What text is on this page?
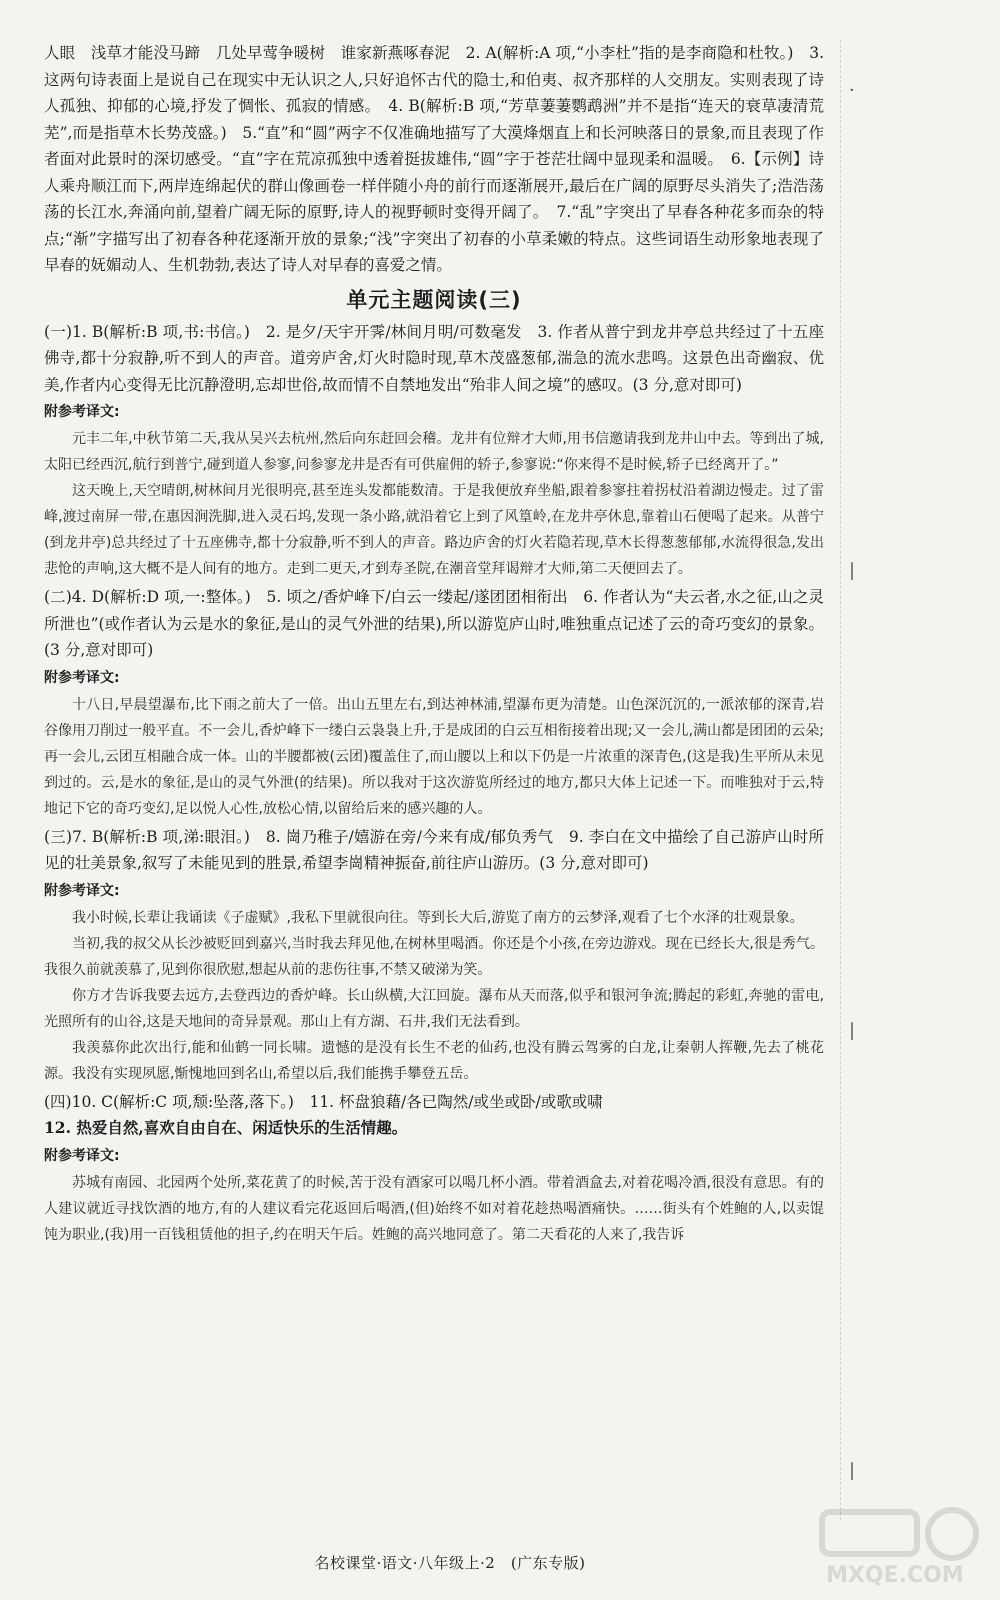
人眼　浅草才能没马蹄　几处早莺争暖树　谁家新燕啄春泥　2. A(解析:A 项,“小李杜”指的是李商隐和杜牧。)　3. 这两句诗表面上是说自己在现实中无认识之人,只好追怀古代的隐士,和伯夷、叔齐那样的人交朋友。实则表现了诗人孤独、抑郁的心境,抒发了惆怅、孤寂的情感。　4. B(解析:B 项,“芳草萋萋鹦鹉洲”并不是指“连天的衰草凄清荒芜”,而是指草木长势茂盛。)　5.“直”和“圆”两字不仅准确地描写了大漠烽烟直上和长河映落日的景象,而且表现了作者面对此景时的深切感受。“直”字在荒凉孤独中透着挺拔雄伟,“圆”字于苍茫壮阔中显现柔和温暖。　6.【示例】诗人乘舟顺江而下,两岸连绵起伏的群山像画卷一样伴随小舟的前行而逐渐展开,最后在广阔的原野尽头消失了;浩浩荡荡的长江水,奔涌向前,望着广阔无际的原野,诗人的视野顿时变得开阔了。　7.“乱”字突出了早春各种花多而杂的特点;“渐”字描写出了初春各种花逐渐开放的景象;“浅”字突出了初春的小草柔嫩的特点。这些词语生动形象地表现了早春的妩媚动人、生机勃勃,表达了诗人对早春的喜爱之情。

单元主题阅读(三)

(一)1. B(解析:B 项,书:书信。)　2. 是夕/天宇开霁/林间月明/可数毫发　3. 作者从普宁到龙井亭总共经过了十五座佛寺,都十分寂静,听不到人的声音。道旁庐舍,灯火时隐时现,草木茂盛葱郁,湍急的流水悲鸣。这景色出奇幽寂、优美,作者内心变得无比沉静澄明,忘却世俗,故而情不自禁地发出“殆非人间之境”的感叹。(3 分,意对即可)

附参考译文:

元丰二年,中秋节第二天,我从吴兴去杭州,然后向东赶回会稽。龙井有位辩才大师,用书信邀请我到龙井山中去。等到出了城,太阳已经西沉,航行到普宁,碰到道人参寥,问参寥龙井是否有可供雇佣的轿子,参寥说:“你来得不是时候,轿子已经离开了。”

这天晚上,天空晴朗,树林间月光很明亮,甚至连头发都能数清。于是我便放弃坐船,跟着参寥拄着拐杖沿着湖边慢走。过了雷峰,渡过南屏一带,在惠因涧洗脚,进入灵石坞,发现一条小路,就沿着它上到了风篁岭,在龙井亭休息,靠着山石便喝了起来。从普宁(到龙井亭)总共经过了十五座佛寺,都十分寂静,听不到人的声音。路边庐舍的灯火若隐若现,草木长得葱葱郁郁,水流得很急,发出悲怆的声响,这大概不是人间有的地方。走到二更天,才到寿圣院,在潮音堂拜谒辩才大师,第二天便回去了。

(二)4. D(解析:D 项,一:整体。)　5. 顷之/香炉峰下/白云一缕起/遂团团相衔出　6. 作者认为“夫云者,水之征,山之灵所泄也”(或作者认为云是水的象征,是山的灵气外泄的结果),所以游览庐山时,唯独重点记述了云的奇巧变幻的景象。(3 分,意对即可)

附参考译文:

十八日,早晨望瀑布,比下雨之前大了一倍。出山五里左右,到达神林浦,望瀑布更为清楚。山色深沉沉的,一派浓郁的深青,岩谷像用刀削过一般平直。不一会儿,香炉峰下一缕白云袅袅上升,于是成团的白云互相衔接着出现;又一会儿,满山都是团团的云朵;再一会儿,云团互相融合成一体。山的半腰都被(云团)覆盖住了,而山腰以上和以下仍是一片浓重的深青色,(这是我)生平所从未见到过的。云,是水的象征,是山的灵气外泄(的结果)。所以我对于这次游览所经过的地方,都只大体上记述一下。而唯独对于云,特地记下它的奇巧变幻,足以悦人心性,放松心情,以留给后来的感兴趣的人。

(三)7. B(解析:B 项,涕:眼泪。)　8. 崗乃稚子/嬉游在旁/今来有成/郁负秀气　9. 李白在文中描绘了自己游庐山时所见的壮美景象,叙写了未能见到的胜景,希望李崗精神振奋,前往庐山游历。(3 分,意对即可)

附参考译文:

我小时候,长辈让我诵读《子虚赋》,我私下里就很向往。等到长大后,游览了南方的云梦泽,观看了七个水泽的壮观景象。

当初,我的叔父从长沙被贬回到嘉兴,当时我去拜见他,在树林里喝酒。你还是个小孩,在旁边游戏。现在已经长大,很是秀气。我很久前就羡慕了,见到你很欣慰,想起从前的悲伤往事,不禁又破涕为笑。

你方才告诉我要去远方,去登西边的香炉峰。长山纵横,大江回旋。瀑布从天而落,似乎和银河争流;腾起的彩虹,奔驰的雷电,光照所有的山谷,这是天地间的奇异景观。那山上有方湖、石井,我们无法看到。

我羡慕你此次出行,能和仙鹤一同长啸。遗憾的是没有长生不老的仙药,也没有腾云驾雾的白龙,让秦朝人挥鞭,先去了桃花源。我没有实现夙愿,惭愧地回到名山,希望以后,我们能携手攀登五岳。

(四)10. C(解析:C 项,颓:坠落,落下。)　11. 杯盘狼藉/各已陶然/或坐或卧/或歌或啸

12. 热爱自然,喜欢自由自在、闲适快乐的生活情趣。

附参考译文:

苏城有南园、北园两个处所,菜花黄了的时候,苦于没有酒家可以喝几杯小酒。带着酒盒去,对着花喝冷酒,很没有意思。有的人建议就近寻找饮酒的地方,有的人建议看完花返回后喝酒,(但)始终不如对着花趁热喝酒痛快。……街头有个姓鲍的人,以卖馄饨为职业,(我)用一百钱租赁他的担子,约在明天午后。姓鲍的高兴地同意了。第二天看花的人来了,我告诉

·
|
|
|
名校课堂·语文·八年级上·2　(广东专版)	MXQE.COM
